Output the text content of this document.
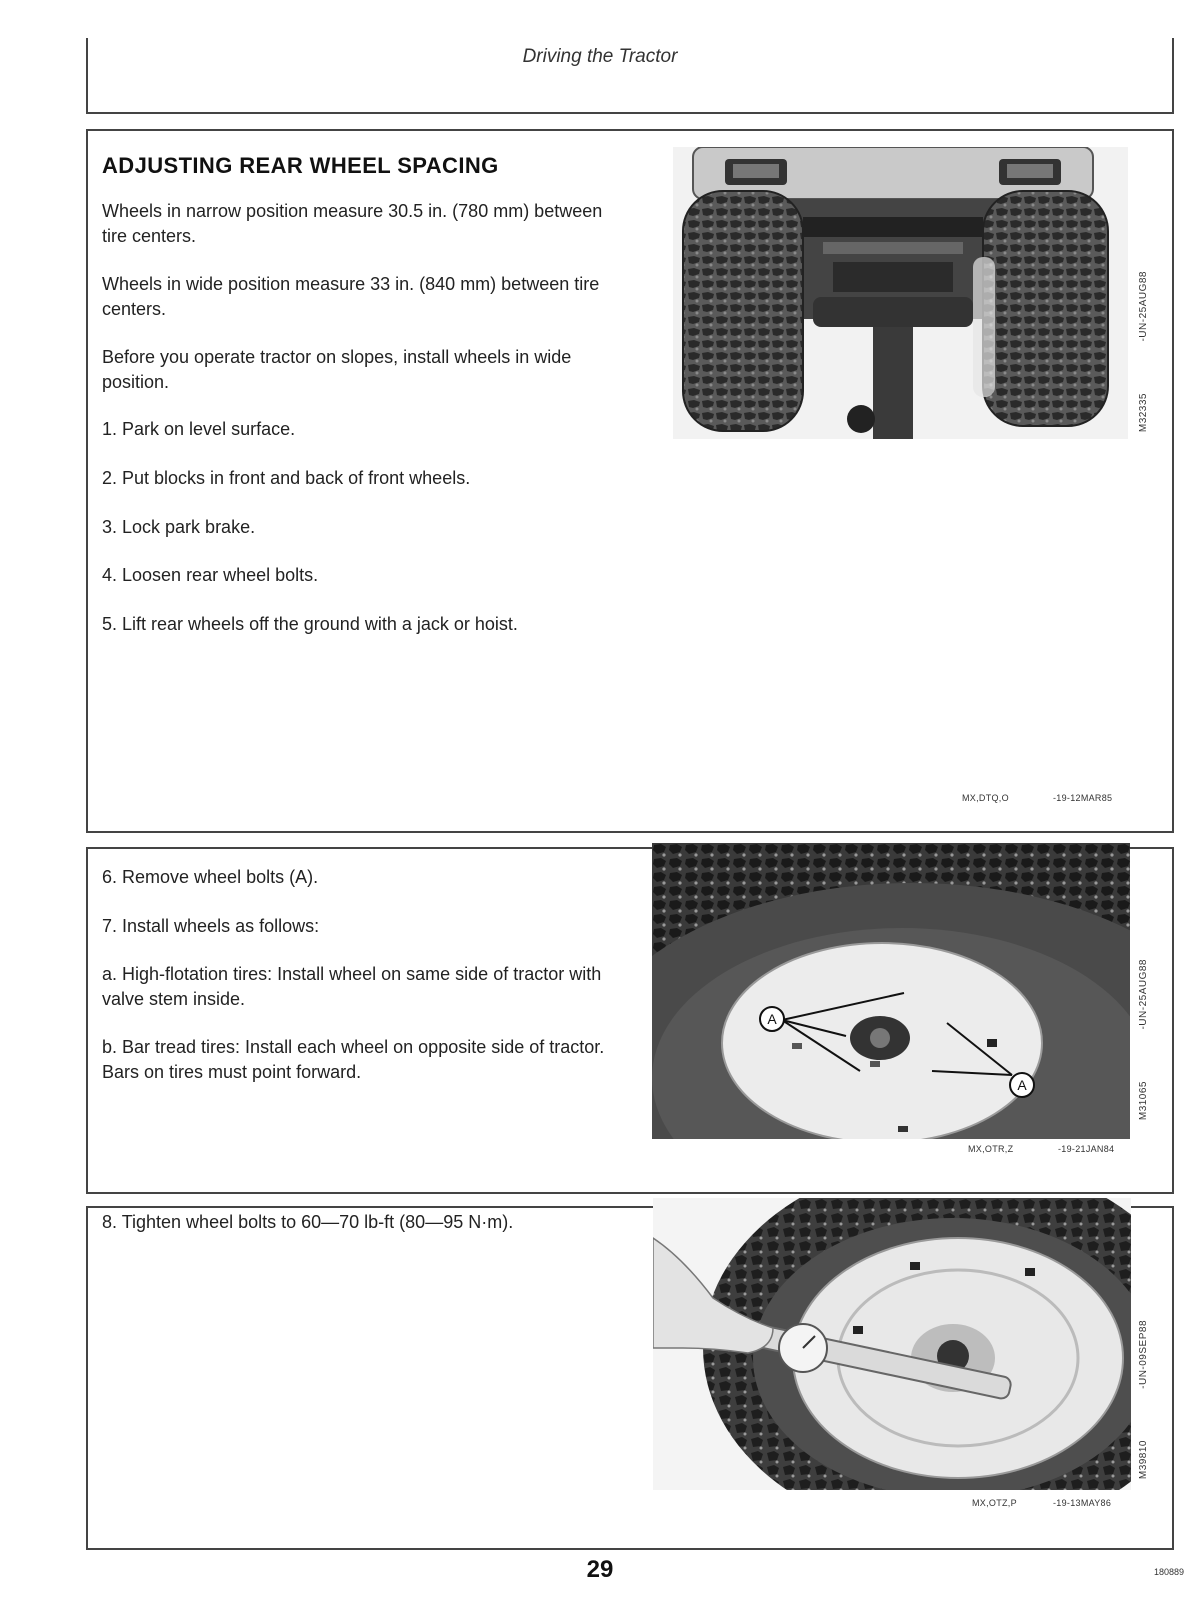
Driving the Tractor
ADJUSTING REAR WHEEL SPACING
Wheels in narrow position measure 30.5 in. (780 mm) between tire centers.
Wheels in wide position measure 33 in. (840 mm) between tire centers.
Before you operate tractor on slopes, install wheels in wide position.
1. Park on level surface.
2. Put blocks in front and back of front wheels.
3. Lock park brake.
4. Loosen rear wheel bolts.
5. Lift rear wheels off the ground with a jack or hoist.
-UN-25AUG88
M32335
MX,DTQ,O	-19-12MAR85
6. Remove wheel bolts (A).
7. Install wheels as follows:
a. High-flotation tires: Install wheel on same side of tractor with valve stem inside.
b. Bar tread tires: Install each wheel on opposite side of tractor. Bars on tires must point forward.
A
A
-UN-25AUG88
M31065
MX,OTR,Z	-19-21JAN84
8. Tighten wheel bolts to 60—70 lb-ft (80—95 N·m).
-UN-09SEP88
M39810
MX,OTZ,P	-19-13MAY86
29	180889
